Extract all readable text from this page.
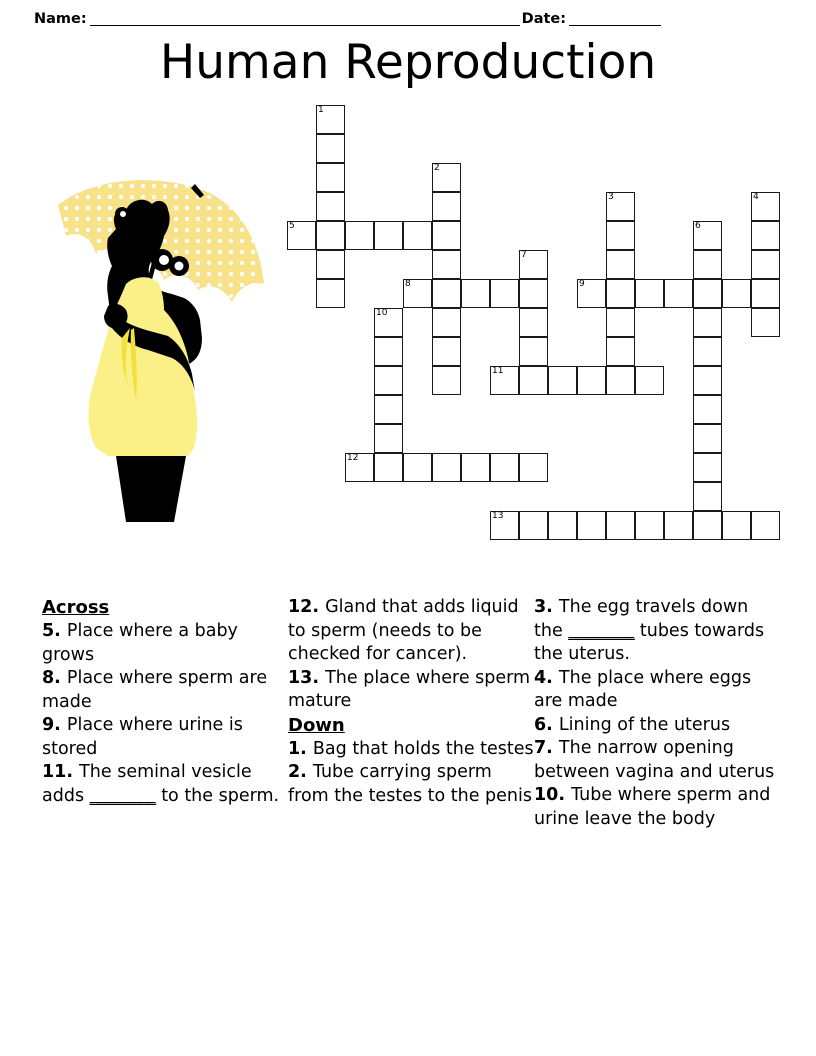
Name:	Date:
Human Reproduction
1
2
3	4
5	6
7
8	9
10
11
12
13
Across
5. Place where a baby grows
8. Place where sperm are made
9. Place where urine is stored
11. The seminal vesicle adds ________ to the sperm.
12. Gland that adds liquid to sperm (needs to be checked for cancer).
13. The place where sperm mature
Down
1. Bag that holds the testes
2. Tube carrying sperm from the testes to the penis
3. The egg travels down the ________ tubes towards the uterus.
4. The place where eggs are made
6. Lining of the uterus
7. The narrow opening between vagina and uterus
10. Tube where sperm and urine leave the body
